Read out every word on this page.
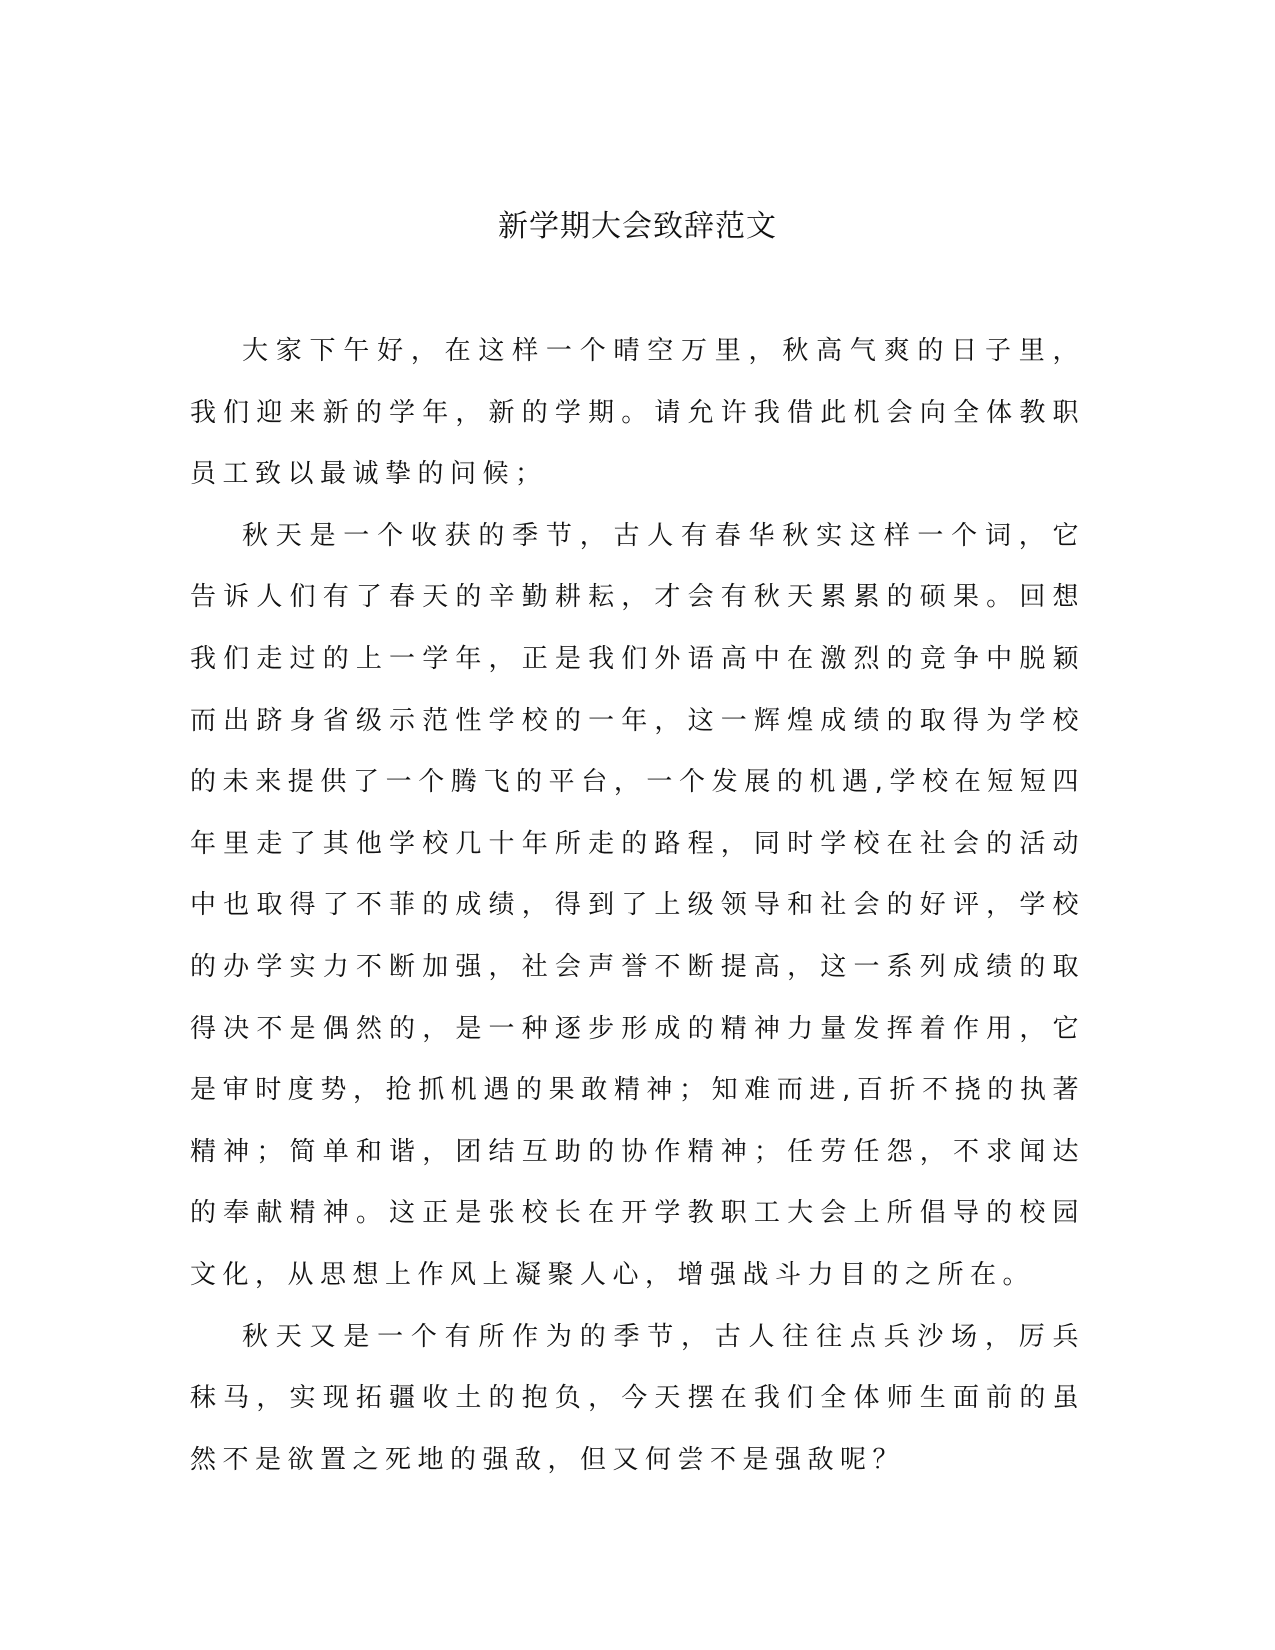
新学期大会致辞范文

大家下午好，在这样一个晴空万里，秋高气爽的日子里，我们迎来新的学年，新的学期。请允许我借此机会向全体教职员工致以最诚挚的问候；

秋天是一个收获的季节，古人有春华秋实这样一个词，它告诉人们有了春天的辛勤耕耘，才会有秋天累累的硕果。回想我们走过的上一学年，正是我们外语高中在激烈的竞争中脱颖而出跻身省级示范性学校的一年，这一辉煌成绩的取得为学校的未来提供了一个腾飞的平台，一个发展的机遇,学校在短短四年里走了其他学校几十年所走的路程，同时学校在社会的活动中也取得了不菲的成绩，得到了上级领导和社会的好评，学校的办学实力不断加强，社会声誉不断提高，这一系列成绩的取得决不是偶然的，是一种逐步形成的精神力量发挥着作用，它是审时度势，抢抓机遇的果敢精神；知难而进,百折不挠的执著精神；简单和谐，团结互助的协作精神；任劳任怨，不求闻达的奉献精神。这正是张校长在开学教职工大会上所倡导的校园文化，从思想上作风上凝聚人心，增强战斗力目的之所在。

秋天又是一个有所作为的季节，古人往往点兵沙场，厉兵秣马，实现拓疆收土的抱负，今天摆在我们全体师生面前的虽然不是欲置之死地的强敌，但又何尝不是强敌呢？
